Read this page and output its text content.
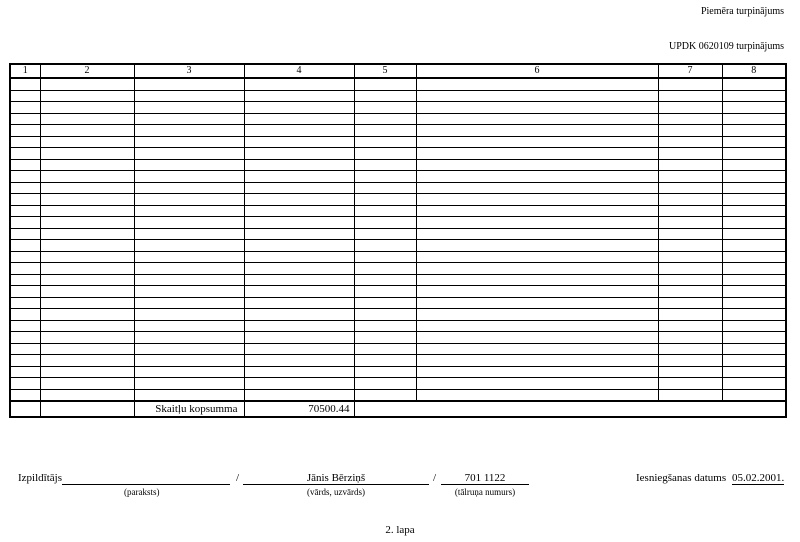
Piemēra turpinājums
UPDK 0620109 turpinājums
1	2	3	4	5	6	7	8

		Skaitļu kopsumma	70500.44				
Izpildītājs
(paraksts)
/	Jānis Bērziņš
(vārds, uzvārds)
/	701 1122
(tālruņa numurs)
Iesniegšanas datums 05.02.2001.
2. lapa
